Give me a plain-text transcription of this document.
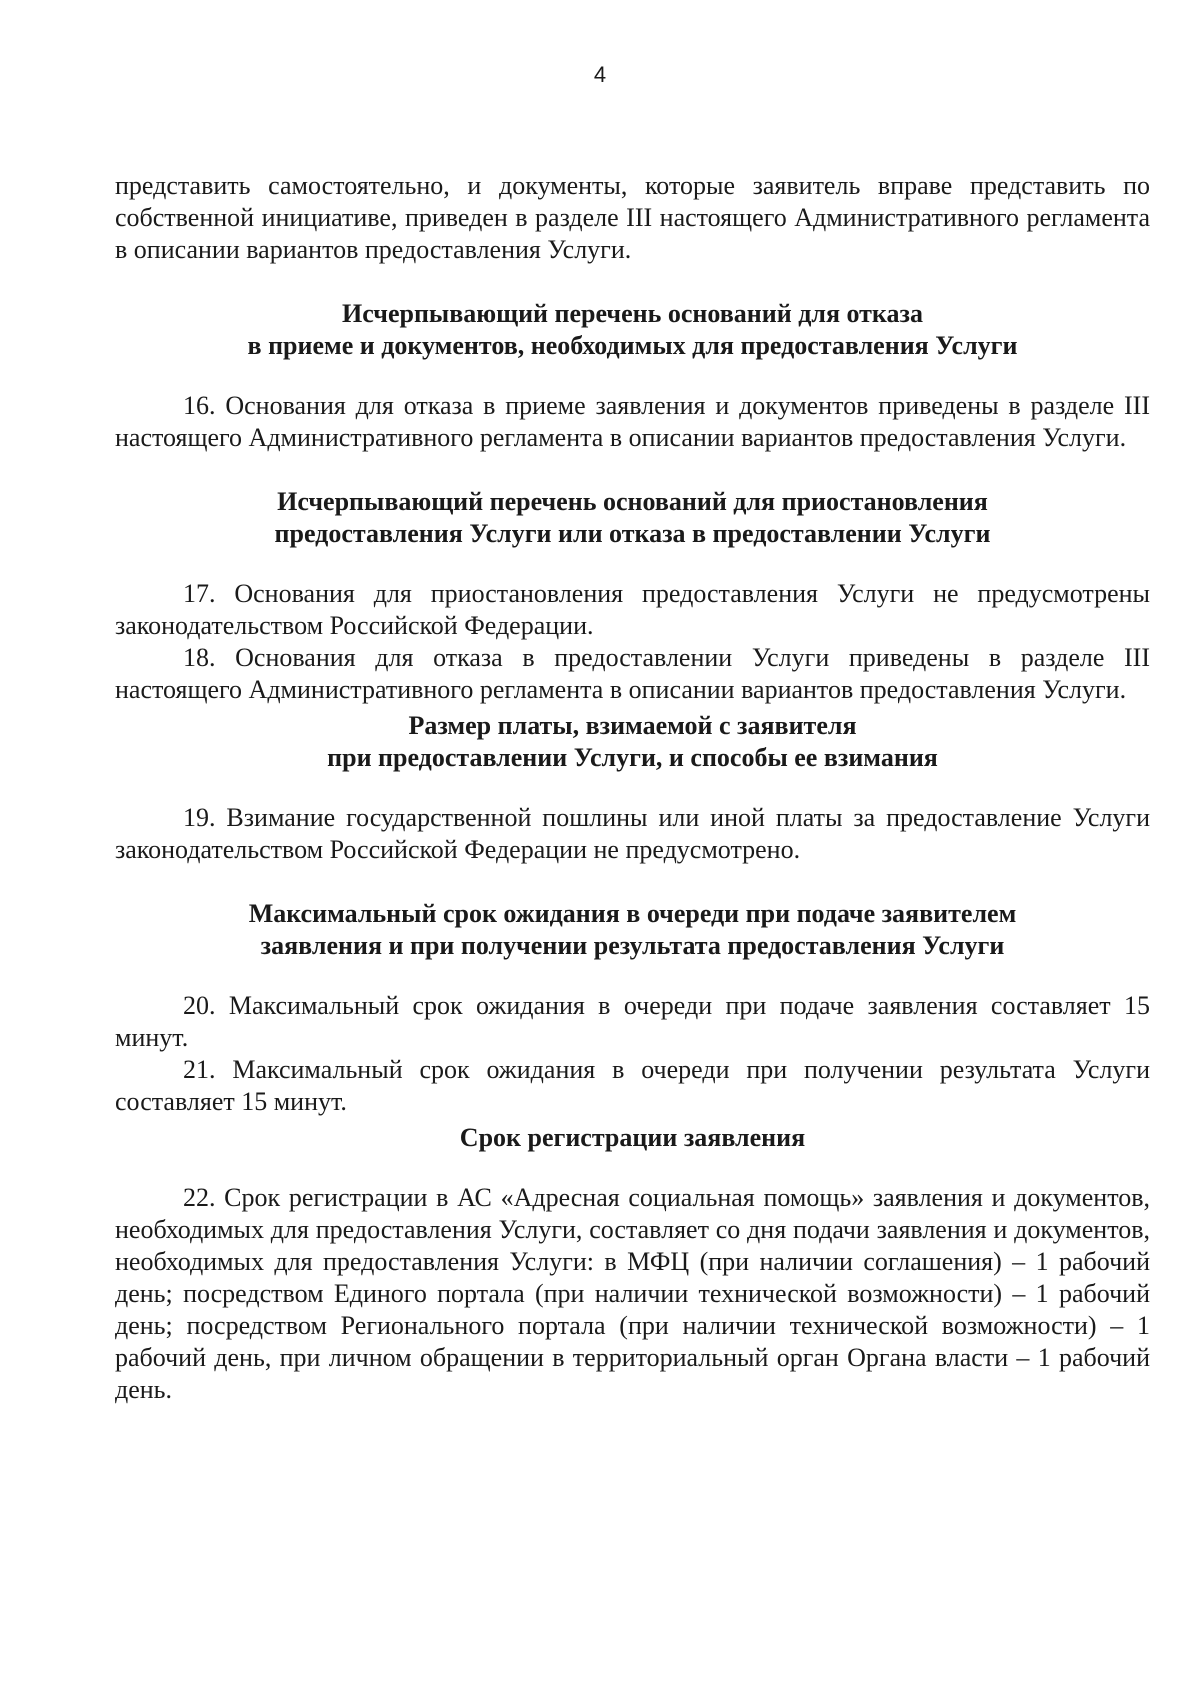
4

представить самостоятельно, и документы, которые заявитель вправе представить по собственной инициативе, приведен в разделе III настоящего Административного регламента в описании вариантов предоставления Услуги.

Исчерпывающий перечень оснований для отказа

в приеме и документов, необходимых для предоставления Услуги

16. Основания для отказа в приеме заявления и документов приведены в разделе III настоящего Административного регламента в описании вариантов предоставления Услуги.

Исчерпывающий перечень оснований для приостановления

предоставления Услуги или отказа в предоставлении Услуги

17. Основания для приостановления предоставления Услуги не предусмотрены законодательством Российской Федерации.

18. Основания для отказа в предоставлении Услуги приведены в разделе III настоящего Административного регламента в описании вариантов предоставления Услуги.

Размер платы, взимаемой с заявителя

при предоставлении Услуги, и способы ее взимания

19. Взимание государственной пошлины или иной платы за предоставление Услуги законодательством Российской Федерации не предусмотрено.

Максимальный срок ожидания в очереди при подаче заявителем

заявления и при получении результата предоставления Услуги

20. Максимальный срок ожидания в очереди при подаче заявления составляет 15 минут.

21. Максимальный срок ожидания в очереди при получении результата Услуги составляет 15 минут.

Срок регистрации заявления

22. Срок регистрации в АС «Адресная социальная помощь» заявления и документов, необходимых для предоставления Услуги, составляет со дня подачи заявления и документов, необходимых для предоставления Услуги: в МФЦ (при наличии соглашения) – 1 рабочий день; посредством Единого портала (при наличии технической возможности) – 1 рабочий день; посредством Регионального портала (при наличии технической возможности) – 1 рабочий день, при личном обращении в территориальный орган Органа власти – 1 рабочий день.
